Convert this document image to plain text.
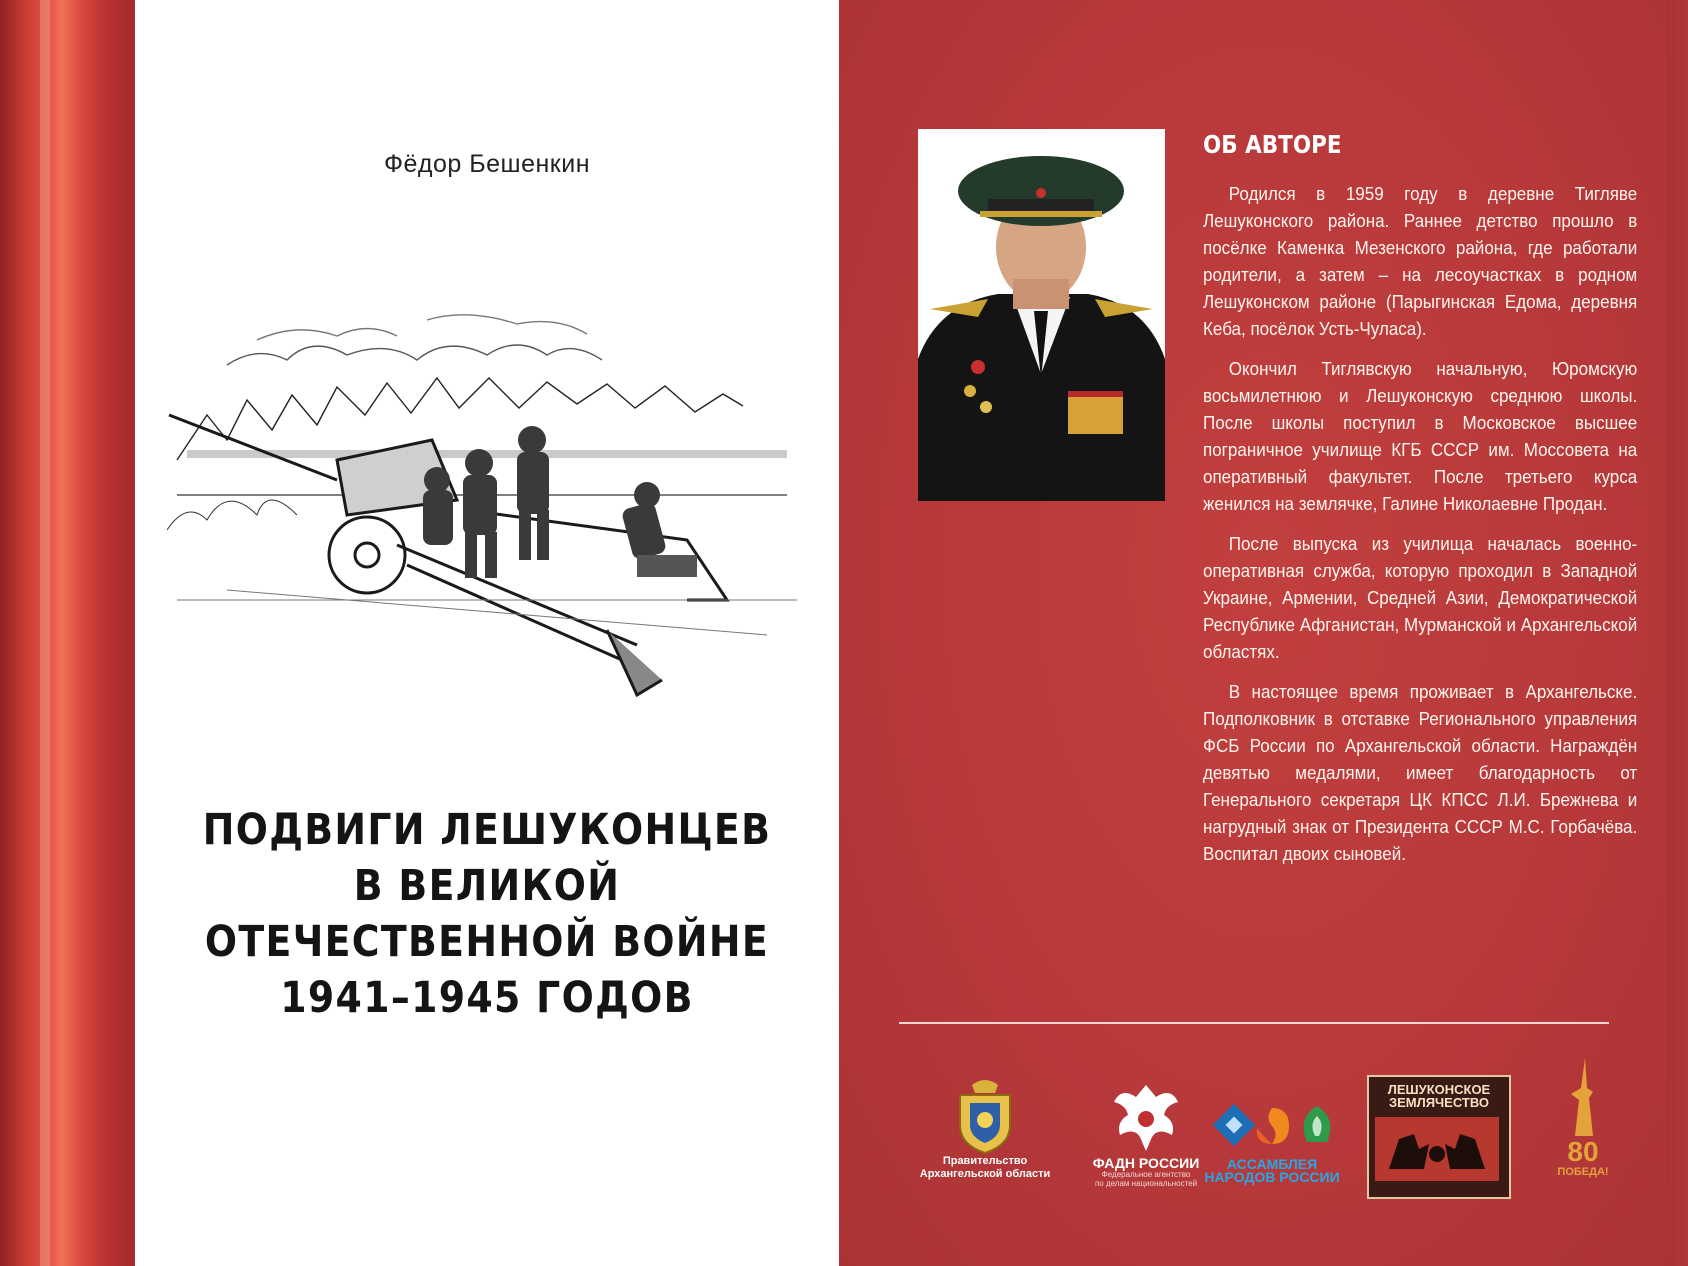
Фёдор Бешенкин
ПОДВИГИ ЛЕШУКОНЦЕВ
В ВЕЛИКОЙ
ОТЕЧЕСТВЕННОЙ ВОЙНЕ
1941–1945 ГОДОВ
ОБ АВТОРЕ

Родился в 1959 году в деревне Тигляве Лешуконского района. Раннее детство прошло в посёлке Каменка Мезенского района, где работали родители, а затем – на лесоучастках в родном Лешуконском районе (Парыгинская Едома, деревня Кеба, посёлок Усть-Чуласа).

Окончил Тиглявскую начальную, Юромскую восьмилетнюю и Лешуконскую среднюю школы. После школы поступил в Московское высшее пограничное училище КГБ СССР им. Моссовета на оперативный факультет. После третьего курса женился на землячке, Галине Николаевне Продан.

После выпуска из училища началась военно-оперативная служба, которую проходил в Западной Украине, Армении, Средней Азии, Демократической Республике Афганистан, Мурманской и Архангельской областях.

В настоящее время проживает в Архангельске. Подполковник в отставке Регионального управления ФСБ России по Архангельской области. Награждён девятью медалями, имеет благодарность от Генерального секретаря ЦК КПСС Л.И. Брежнева и нагрудный знак от Президента СССР М.С. Горбачёва. Воспитал двоих сыновей.

Правительство
Архангельской области
ФАДН РОССИИ
Федеральное агентство
по делам национальностей
АССАМБЛЕЯ
НАРОДОВ РОССИИ
ЛЕШУКОНСКОЕ
ЗЕМЛЯЧЕСТВО
80
ПОБЕДА!
